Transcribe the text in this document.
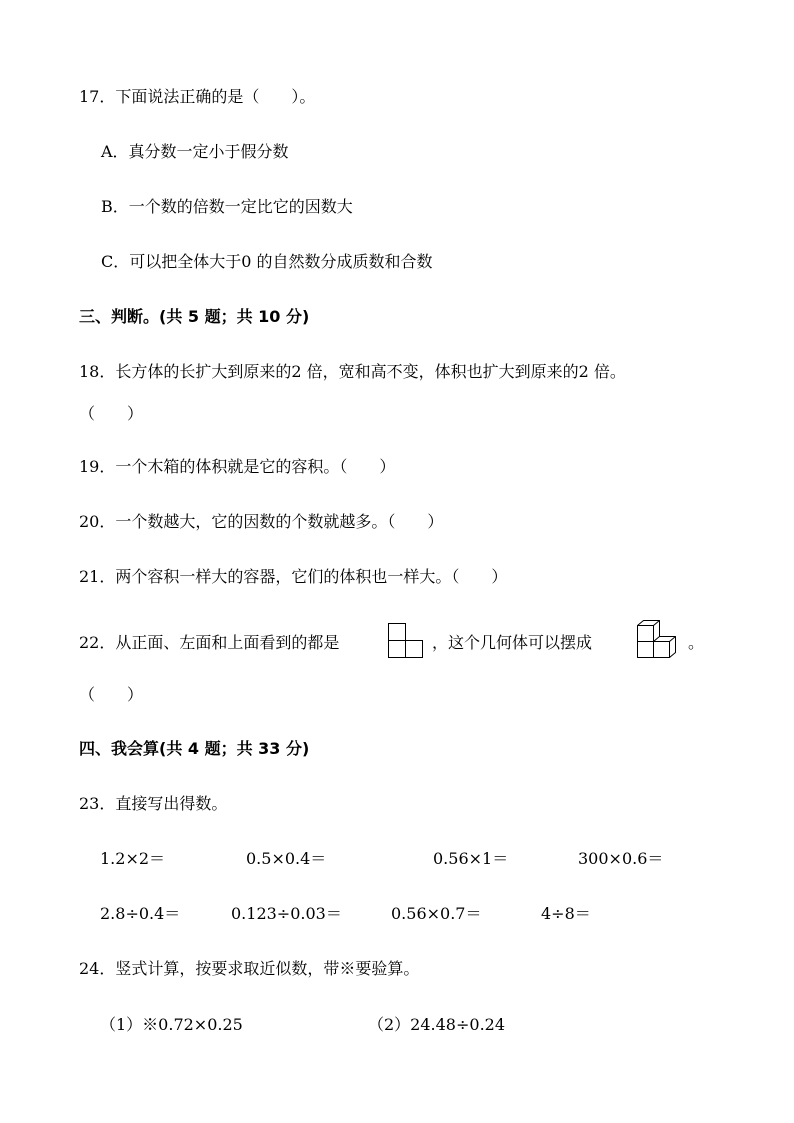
17．下面说法正确的是（　　）。
A．真分数一定小于假分数
B．一个数的倍数一定比它的因数大
C．可以把全体大于0 的自然数分成质数和合数
三、判断。(共 5 题；共 10 分)
18．长方体的长扩大到原来的2 倍，宽和高不变，体积也扩大到原来的2 倍。
（　　）
19．一个木箱的体积就是它的容积。（　　）
20．一个数越大，它的因数的个数就越多。（　　）
21．两个容积一样大的容器，它们的体积也一样大。（　　）
22．从正面、左面和上面看到的都是	，这个几何体可以摆成	。
（　　）
四、我会算(共 4 题；共 33 分)
23．直接写出得数。
1.2×2＝	0.5×0.4＝	0.56×1＝	300×0.6＝
2.8÷0.4＝	0.123÷0.03＝	0.56×0.7＝	4÷8＝
24．竖式计算，按要求取近似数，带※要验算。
（1）※0.72×0.25	（2）24.48÷0.24
